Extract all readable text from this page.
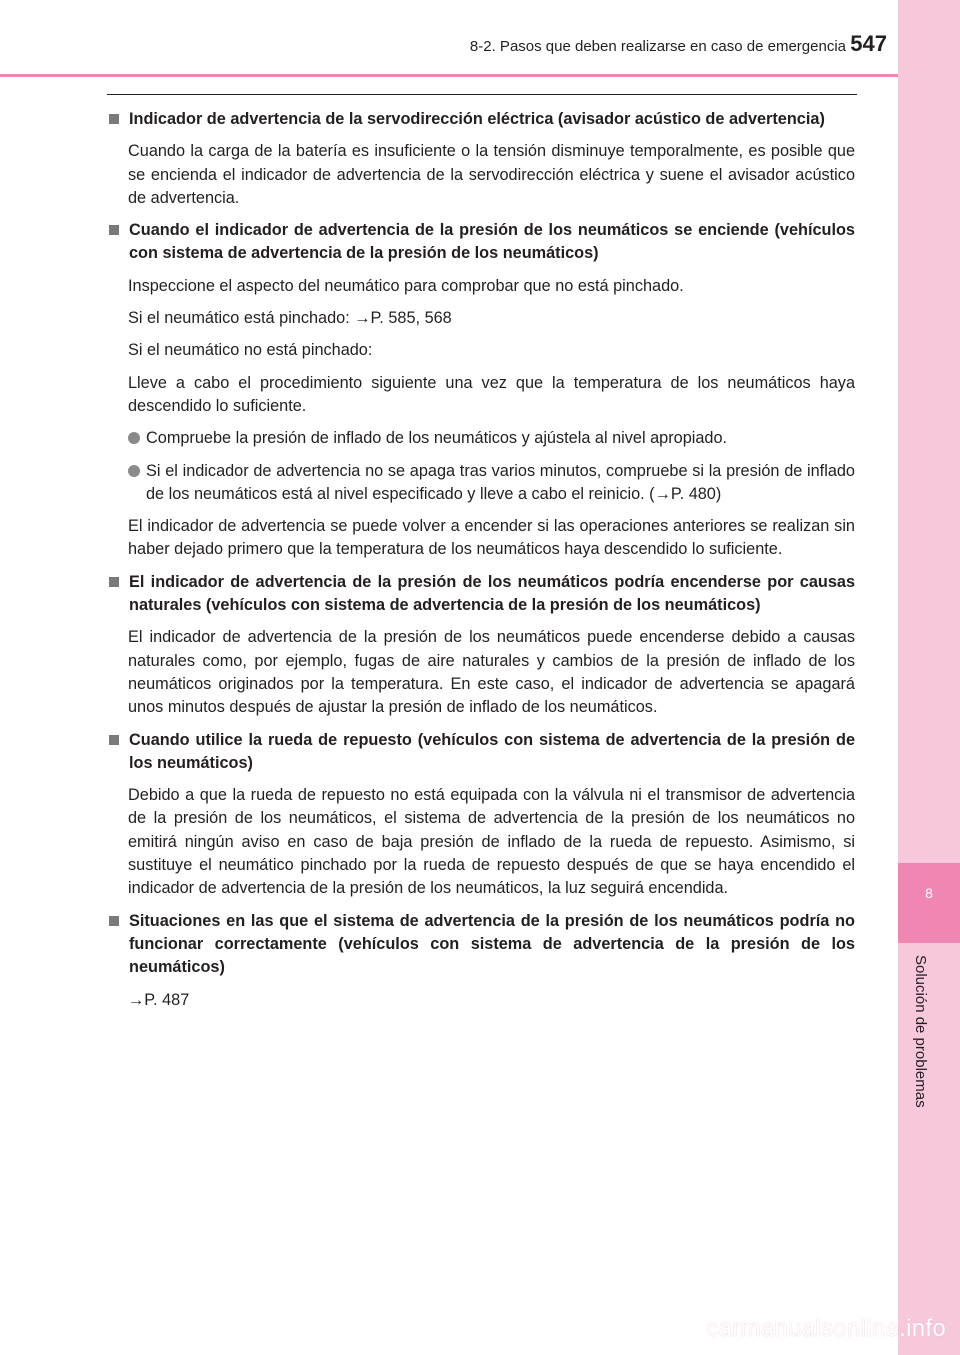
8
Solución de problemas
8-2. Pasos que deben realizarse en caso de emergencia 547
Indicador de advertencia de la servodirección eléctrica (avisador acústico de advertencia)
Cuando la carga de la batería es insuficiente o la tensión disminuye temporalmente, es posible que se encienda el indicador de advertencia de la servodirección eléctrica y suene el avisador acústico de advertencia.
Cuando el indicador de advertencia de la presión de los neumáticos se enciende (vehículos con sistema de advertencia de la presión de los neumáticos)
Inspeccione el aspecto del neumático para comprobar que no está pinchado.
Si el neumático está pinchado: →P. 585, 568
Si el neumático no está pinchado:
Lleve a cabo el procedimiento siguiente una vez que la temperatura de los neumáticos haya descendido lo suficiente.
Compruebe la presión de inflado de los neumáticos y ajústela al nivel apropiado.
Si el indicador de advertencia no se apaga tras varios minutos, compruebe si la presión de inflado de los neumáticos está al nivel especificado y lleve a cabo el reinicio. (→P. 480)
El indicador de advertencia se puede volver a encender si las operaciones anteriores se realizan sin haber dejado primero que la temperatura de los neumáticos haya descendido lo suficiente.
El indicador de advertencia de la presión de los neumáticos podría encenderse por causas naturales (vehículos con sistema de advertencia de la presión de los neumáticos)
El indicador de advertencia de la presión de los neumáticos puede encenderse debido a causas naturales como, por ejemplo, fugas de aire naturales y cambios de la presión de inflado de los neumáticos originados por la temperatura. En este caso, el indicador de advertencia se apagará unos minutos después de ajustar la presión de inflado de los neumáticos.
Cuando utilice la rueda de repuesto (vehículos con sistema de advertencia de la presión de los neumáticos)
Debido a que la rueda de repuesto no está equipada con la válvula ni el transmisor de advertencia de la presión de los neumáticos, el sistema de advertencia de la presión de los neumáticos no emitirá ningún aviso en caso de baja presión de inflado de la rueda de repuesto. Asimismo, si sustituye el neumático pinchado por la rueda de repuesto después de que se haya encendido el indicador de advertencia de la presión de los neumáticos, la luz seguirá encendida.
Situaciones en las que el sistema de advertencia de la presión de los neumáticos podría no funcionar correctamente (vehículos con sistema de advertencia de la presión de los neumáticos)
→P. 487
carmanualsonline.info
